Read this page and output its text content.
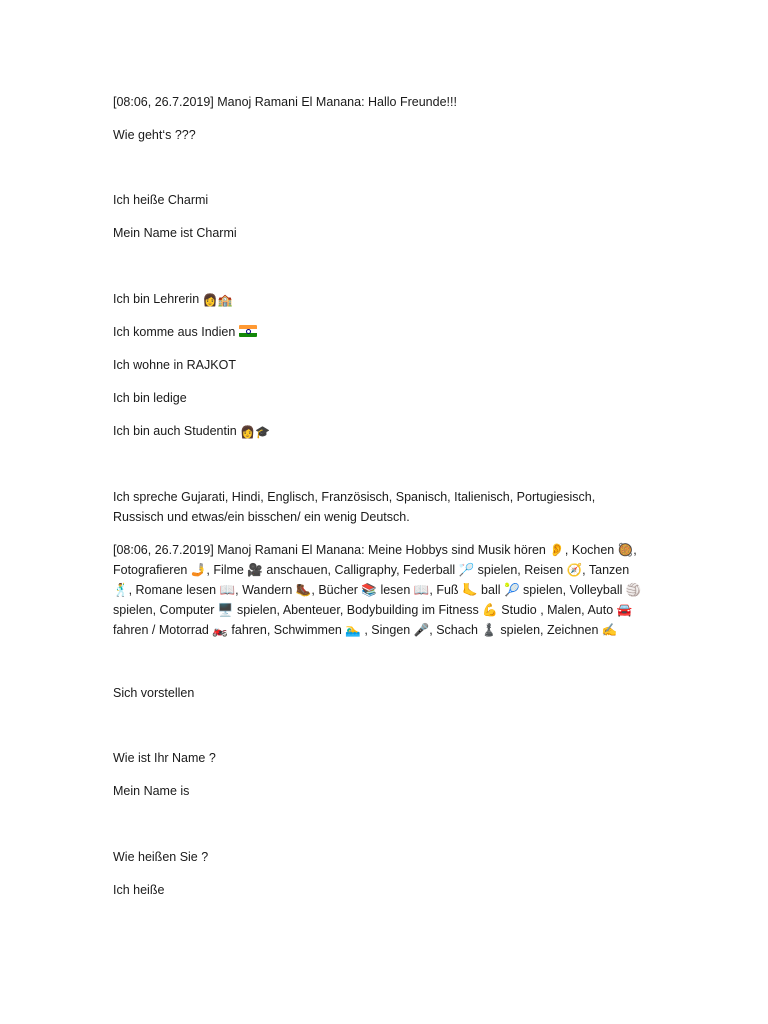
[08:06, 26.7.2019] Manoj Ramani El Manana: Hallo Freunde!!!
Wie geht‘s ???
Ich heiße Charmi
Mein Name ist Charmi
Ich bin Lehrerin 👩🏫
Ich komme aus Indien
Ich wohne in RAJKOT
Ich bin ledige
Ich bin auch Studentin 👩🎓
Ich spreche Gujarati, Hindi, Englisch, Französisch, Spanisch, Italienisch, Portugiesisch, Russisch und etwas/ein bisschen/ ein wenig Deutsch.
[08:06, 26.7.2019] Manoj Ramani El Manana: Meine Hobbys sind Musik hören 👂, Kochen 🥘, Fotografieren 🤳, Filme 🎥 anschauen, Calligraphy, Federball 🏸 spielen, Reisen 🧭, Tanzen 🕺, Romane lesen 📖, Wandern 🥾, Bücher 📚 lesen 📖, Fuß 🦶 ball 🎾 spielen, Volleyball 🏐 spielen, Computer 🖥️ spielen, Abenteuer, Bodybuilding im Fitness 💪 Studio , Malen, Auto 🚘 fahren / Motorrad 🏍️ fahren, Schwimmen 🏊‍♂️ , Singen 🎤, Schach ♟️ spielen, Zeichnen ✍️
Sich vorstellen
Wie ist Ihr Name ?
Mein Name is
Wie heißen Sie ?
Ich heiße
